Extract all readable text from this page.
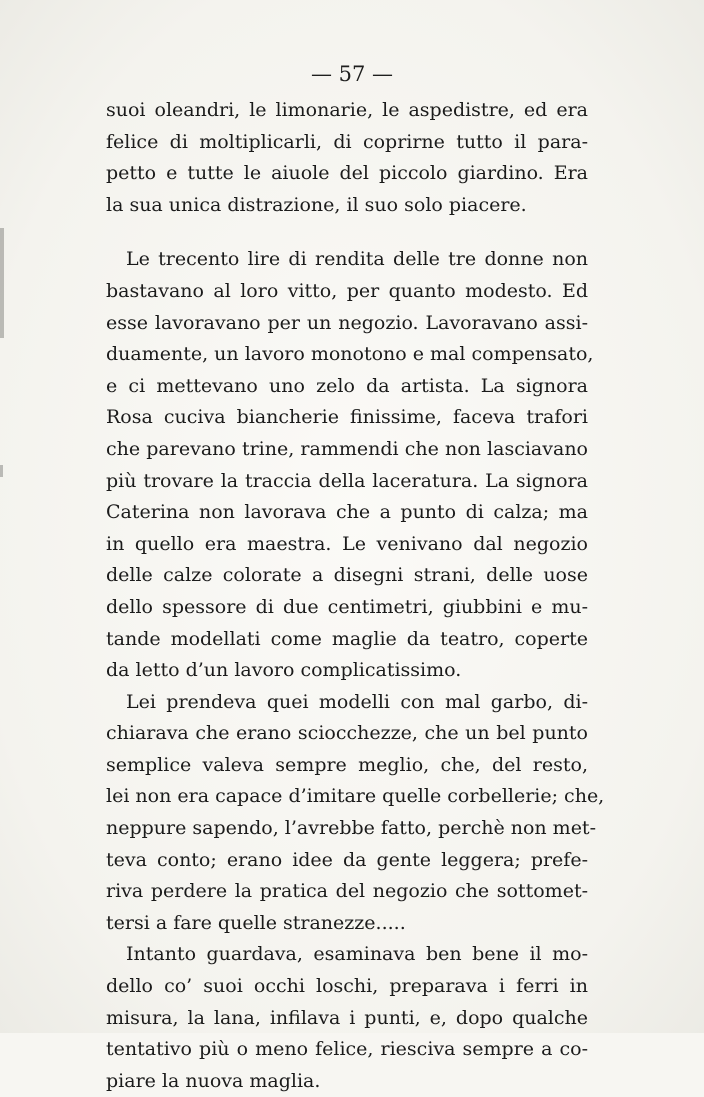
— 57 —

suoi oleandri, le limonarie, le aspedistre, ed era
felice di moltiplicarli, di coprirne tutto il para-
petto e tutte le aiuole del piccolo giardino. Era
la sua unica distrazione, il suo solo piacere.
Le trecento lire di rendita delle tre donne non
bastavano al loro vitto, per quanto modesto. Ed
esse lavoravano per un negozio. Lavoravano assi-
duamente, un lavoro monotono e mal compensato,
e ci mettevano uno zelo da artista. La signora
Rosa cuciva biancherie finissime, faceva trafori
che parevano trine, rammendi che non lasciavano
più trovare la traccia della laceratura. La signora
Caterina non lavorava che a punto di calza; ma
in quello era maestra. Le venivano dal negozio
delle calze colorate a disegni strani, delle uose
dello spessore di due centimetri, giubbini e mu-
tande modellati come maglie da teatro, coperte
da letto d’un lavoro complicatissimo.
Lei prendeva quei modelli con mal garbo, di-
chiarava che erano sciocchezze, che un bel punto
semplice valeva sempre meglio, che, del resto,
lei non era capace d’imitare quelle corbellerie; che,
neppure sapendo, l’avrebbe fatto, perchè non met-
teva conto; erano idee da gente leggera; prefe-
riva perdere la pratica del negozio che sottomet-
tersi a fare quelle stranezze.....
Intanto guardava, esaminava ben bene il mo-
dello co’ suoi occhi loschi, preparava i ferri in
misura, la lana, infilava i punti, e, dopo qualche
tentativo più o meno felice, riesciva sempre a co-
piare la nuova maglia.
